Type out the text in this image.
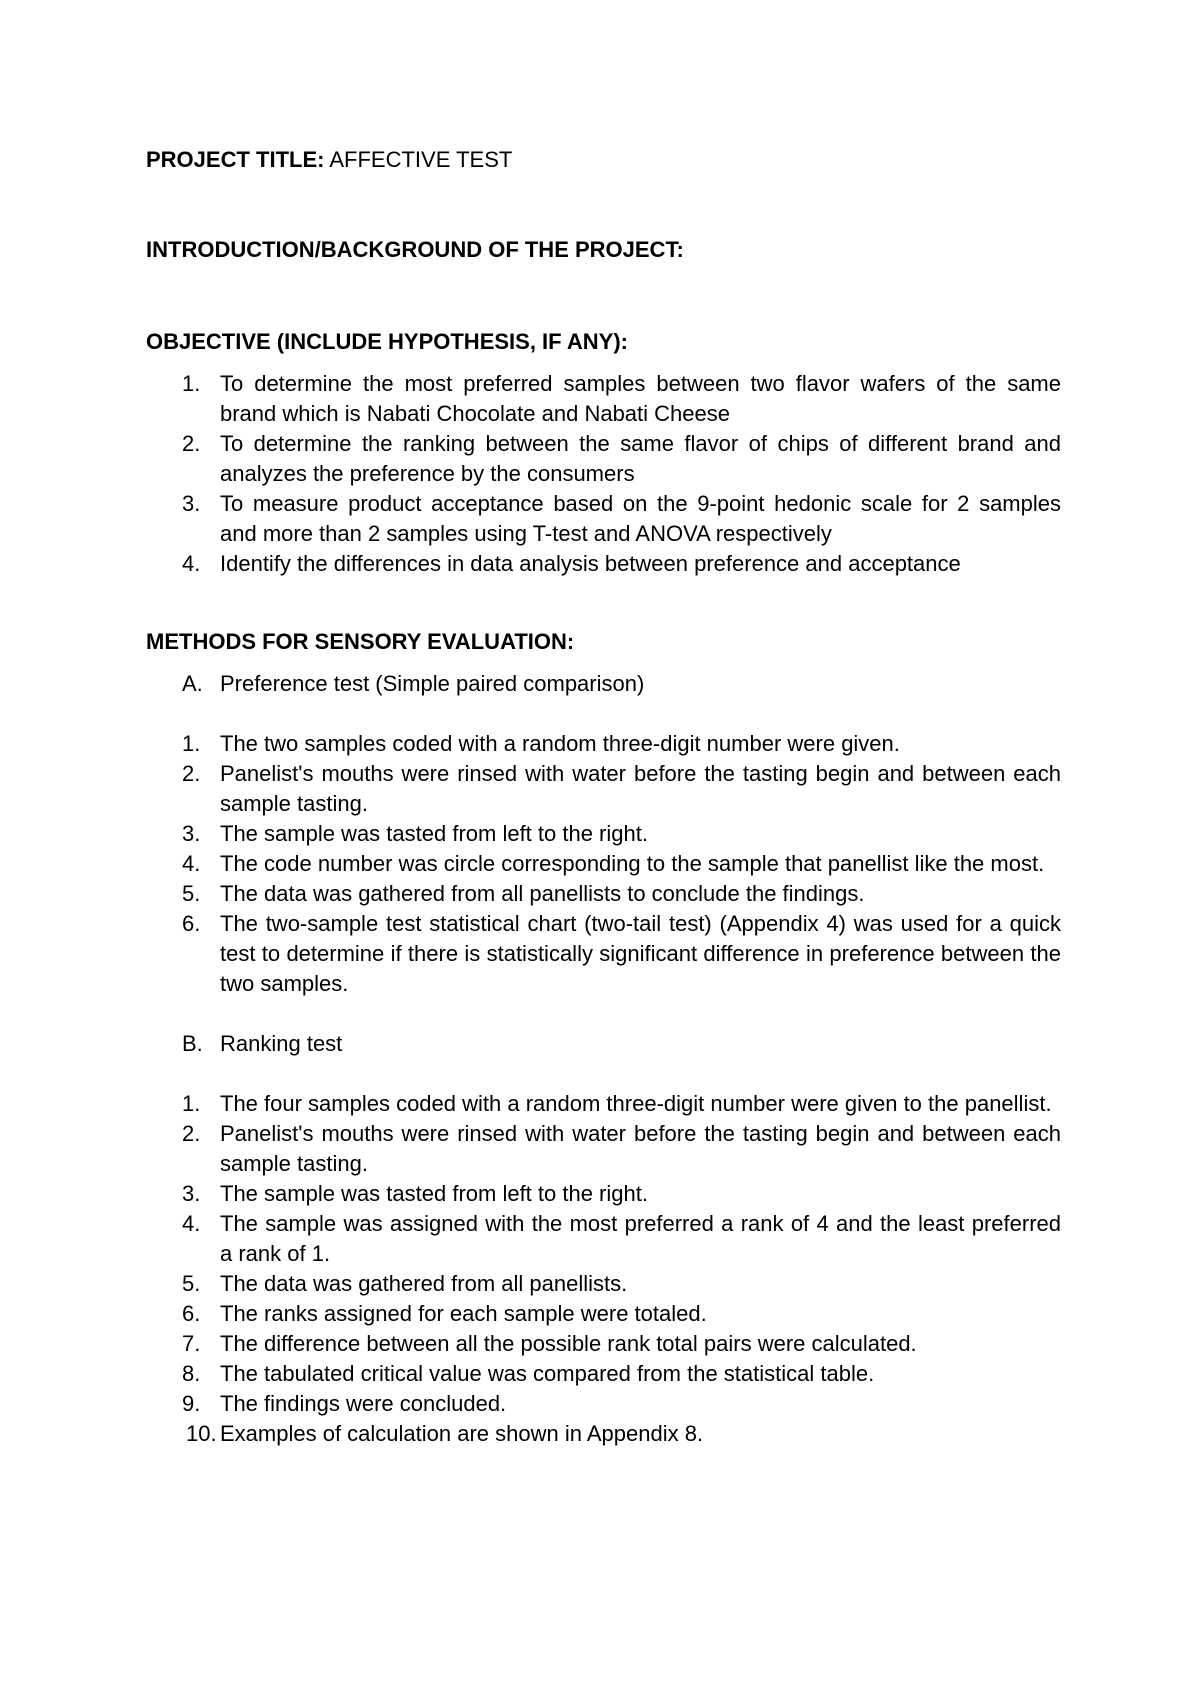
PROJECT TITLE: AFFECTIVE TEST

INTRODUCTION/BACKGROUND OF THE PROJECT:

OBJECTIVE (INCLUDE HYPOTHESIS, IF ANY):

1. To determine the most preferred samples between two flavor wafers of the same brand which is Nabati Chocolate and Nabati Cheese
2. To determine the ranking between the same flavor of chips of different brand and analyzes the preference by the consumers
3. To measure product acceptance based on the 9-point hedonic scale for 2 samples and more than 2 samples using T-test and ANOVA respectively
4. Identify the differences in data analysis between preference and acceptance

METHODS FOR SENSORY EVALUATION:

A. Preference test (Simple paired comparison)
1. The two samples coded with a random three-digit number were given.
2. Panelist's mouths were rinsed with water before the tasting begin and between each sample tasting.
3. The sample was tasted from left to the right.
4. The code number was circle corresponding to the sample that panellist like the most.
5. The data was gathered from all panellists to conclude the findings.
6. The two-sample test statistical chart (two-tail test) (Appendix 4) was used for a quick test to determine if there is statistically significant difference in preference between the two samples.
B. Ranking test
1. The four samples coded with a random three-digit number were given to the panellist.
2. Panelist's mouths were rinsed with water before the tasting begin and between each sample tasting.
3. The sample was tasted from left to the right.
4. The sample was assigned with the most preferred a rank of 4 and the least preferred a rank of 1.
5. The data was gathered from all panellists.
6. The ranks assigned for each sample were totaled.
7. The difference between all the possible rank total pairs were calculated.
8. The tabulated critical value was compared from the statistical table.
9. The findings were concluded.
10. Examples of calculation are shown in Appendix 8.
